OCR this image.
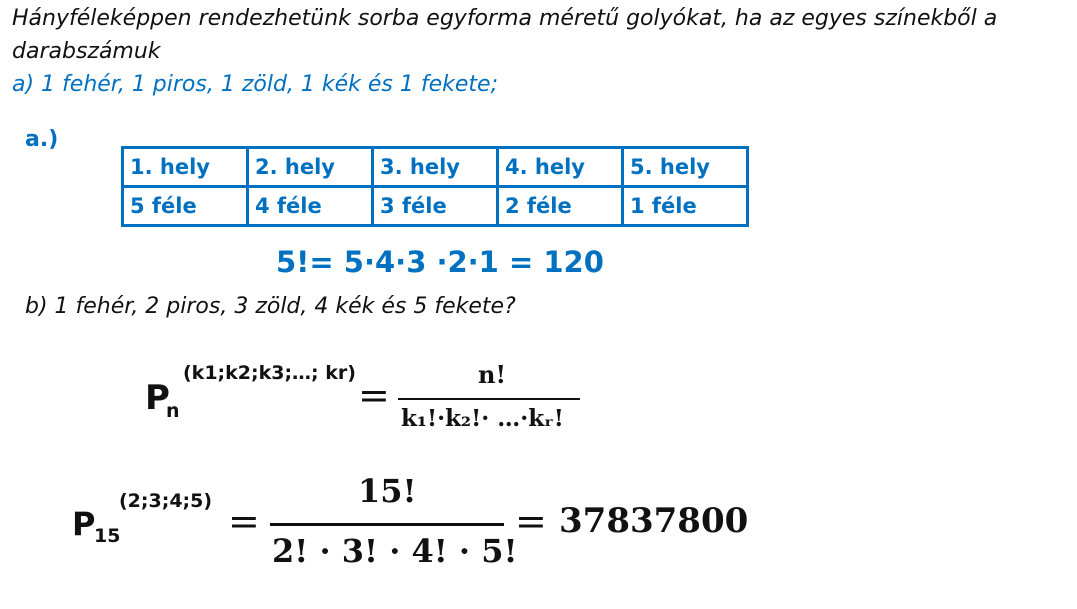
Hányféleképpen rendezhetünk sorba egyforma méretű golyókat, ha az egyes színekből a
darabszámuk
a) 1 fehér, 1 piros, 1 zöld, 1 kék és 1 fekete;
a.)
1. hely	2. hely	3. hely	4. hely	5. hely
5 féle	4 féle	3 féle	2 féle	1 féle
5!= 5·4·3 ·2·1 = 120
b) 1 fehér, 2 piros, 3 zöld, 4 kék és 5 fekete?
P
n
(k1;k2;k3;…; kr) =	n!
k₁!·k₂!· …·kᵣ!
P
15
(2;3;4;5) =
15!
2! · 3! · 4! · 5!
= 37837800
